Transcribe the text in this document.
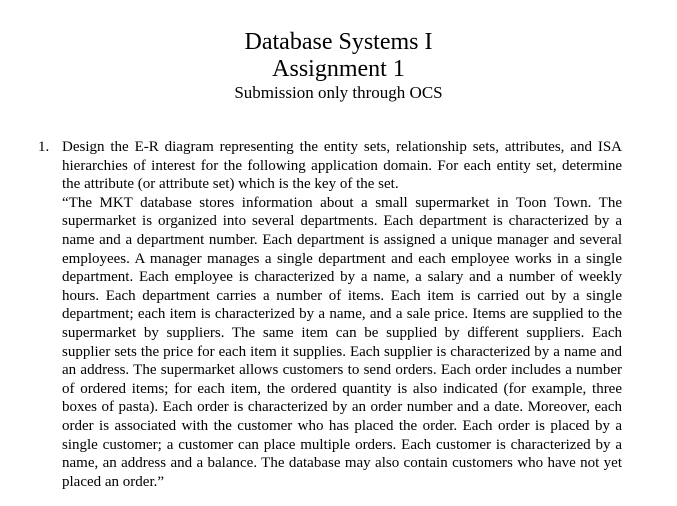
Database Systems I
Assignment 1
Submission only through OCS
1. Design the E-R diagram representing the entity sets, relationship sets, attributes, and ISA hierarchies of interest for the following application domain. For each entity set, determine the attribute (or attribute set) which is the key of the set.

“The MKT database stores information about a small supermarket in Toon Town. The supermarket is organized into several departments. Each department is characterized by a name and a department number. Each department is assigned a unique manager and several employees. A manager manages a single department and each employee works in a single department. Each employee is characterized by a name, a salary and a number of weekly hours. Each department carries a number of items. Each item is carried out by a single department; each item is characterized by a name, and a sale price. Items are supplied to the supermarket by suppliers. The same item can be supplied by different suppliers. Each supplier sets the price for each item it supplies. Each supplier is characterized by a name and an address. The supermarket allows customers to send orders. Each order includes a number of ordered items; for each item, the ordered quantity is also indicated (for example, three boxes of pasta). Each order is characterized by an order number and a date. Moreover, each order is associated with the customer who has placed the order. Each order is placed by a single customer; a customer can place multiple orders. Each customer is characterized by a name, an address and a balance. The database may also contain customers who have not yet placed an order.”
